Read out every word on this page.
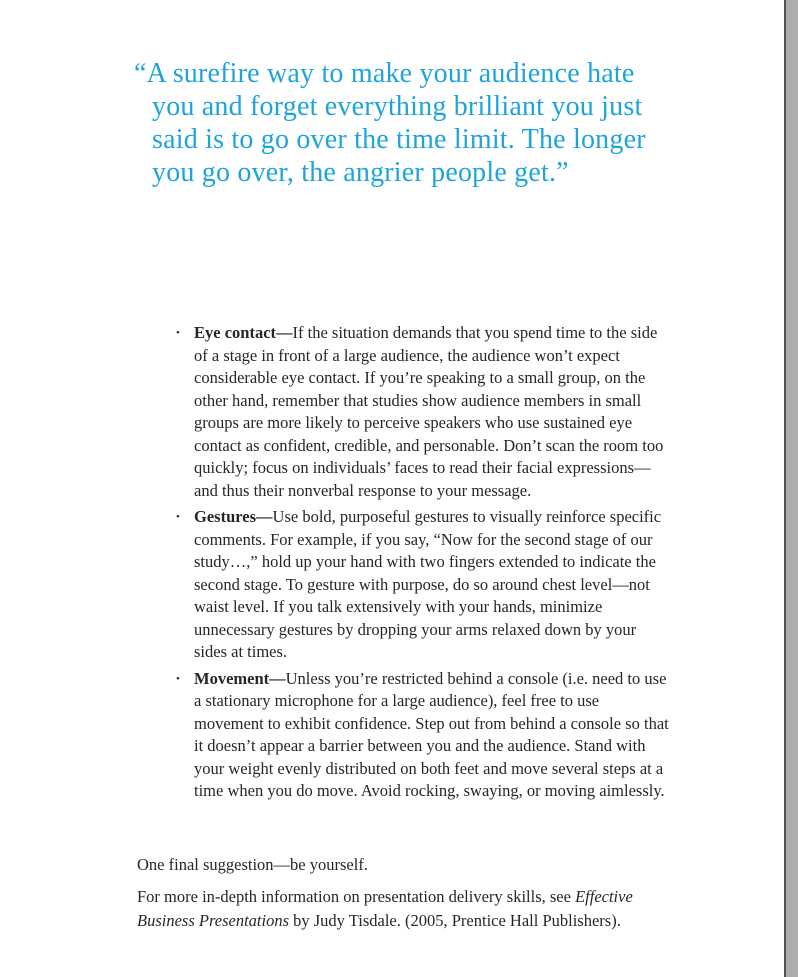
“A surefire way to make your audience hate
you and forget everything brilliant you just
said is to go over the time limit. The longer
you go over, the angrier people get.”
• Eye contact—If the situation demands that you spend time to the side of a stage in front of a large audience, the audience won’t expect considerable eye contact. If you’re speaking to a small group, on the other hand, remember that studies show audience members in small groups are more likely to perceive speakers who use sustained eye contact as confident, credible, and personable. Don’t scan the room too quickly; focus on individuals’ faces to read their facial expressions—and thus their nonverbal response to your message.
• Gestures—Use bold, purposeful gestures to visually reinforce specific comments. For example, if you say, “Now for the second stage of our study…,” hold up your hand with two fingers extended to indicate the second stage. To gesture with purpose, do so around chest level—not waist level. If you talk extensively with your hands, minimize unnecessary gestures by dropping your arms relaxed down by your sides at times.
• Movement—Unless you’re restricted behind a console (i.e. need to use a stationary microphone for a large audience), feel free to use movement to exhibit confidence. Step out from behind a console so that it doesn’t appear a barrier between you and the audience. Stand with your weight evenly distributed on both feet and move several steps at a time when you do move. Avoid rocking, swaying, or moving aimlessly.

One final suggestion—be yourself.

For more in-depth information on presentation delivery skills, see Effective Business Presentations by Judy Tisdale. (2005, Prentice Hall Publishers).
